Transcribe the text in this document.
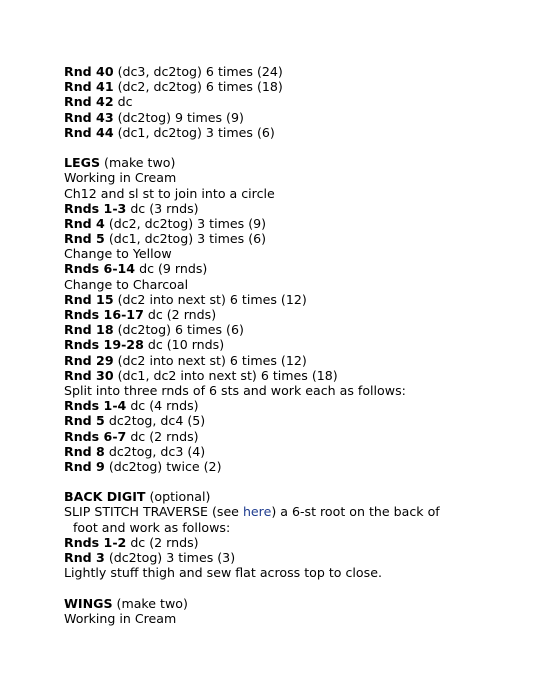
Rnd 40 (dc3, dc2tog) 6 times (24)
Rnd 41 (dc2, dc2tog) 6 times (18)
Rnd 42 dc
Rnd 43 (dc2tog) 9 times (9)
Rnd 44 (dc1, dc2tog) 3 times (6)
LEGS (make two)
Working in Cream
Ch12 and sl st to join into a circle
Rnds 1-3 dc (3 rnds)
Rnd 4 (dc2, dc2tog) 3 times (9)
Rnd 5 (dc1, dc2tog) 3 times (6)
Change to Yellow
Rnds 6-14 dc (9 rnds)
Change to Charcoal
Rnd 15 (dc2 into next st) 6 times (12)
Rnds 16-17 dc (2 rnds)
Rnd 18 (dc2tog) 6 times (6)
Rnds 19-28 dc (10 rnds)
Rnd 29 (dc2 into next st) 6 times (12)
Rnd 30 (dc1, dc2 into next st) 6 times (18)
Split into three rnds of 6 sts and work each as follows:
Rnds 1-4 dc (4 rnds)
Rnd 5 dc2tog, dc4 (5)
Rnds 6-7 dc (2 rnds)
Rnd 8 dc2tog, dc3 (4)
Rnd 9 (dc2tog) twice (2)
BACK DIGIT (optional)
SLIP STITCH TRAVERSE (see here) a 6-st root on the back of
foot and work as follows:
Rnds 1-2 dc (2 rnds)
Rnd 3 (dc2tog) 3 times (3)
Lightly stuff thigh and sew flat across top to close.
WINGS (make two)
Working in Cream
